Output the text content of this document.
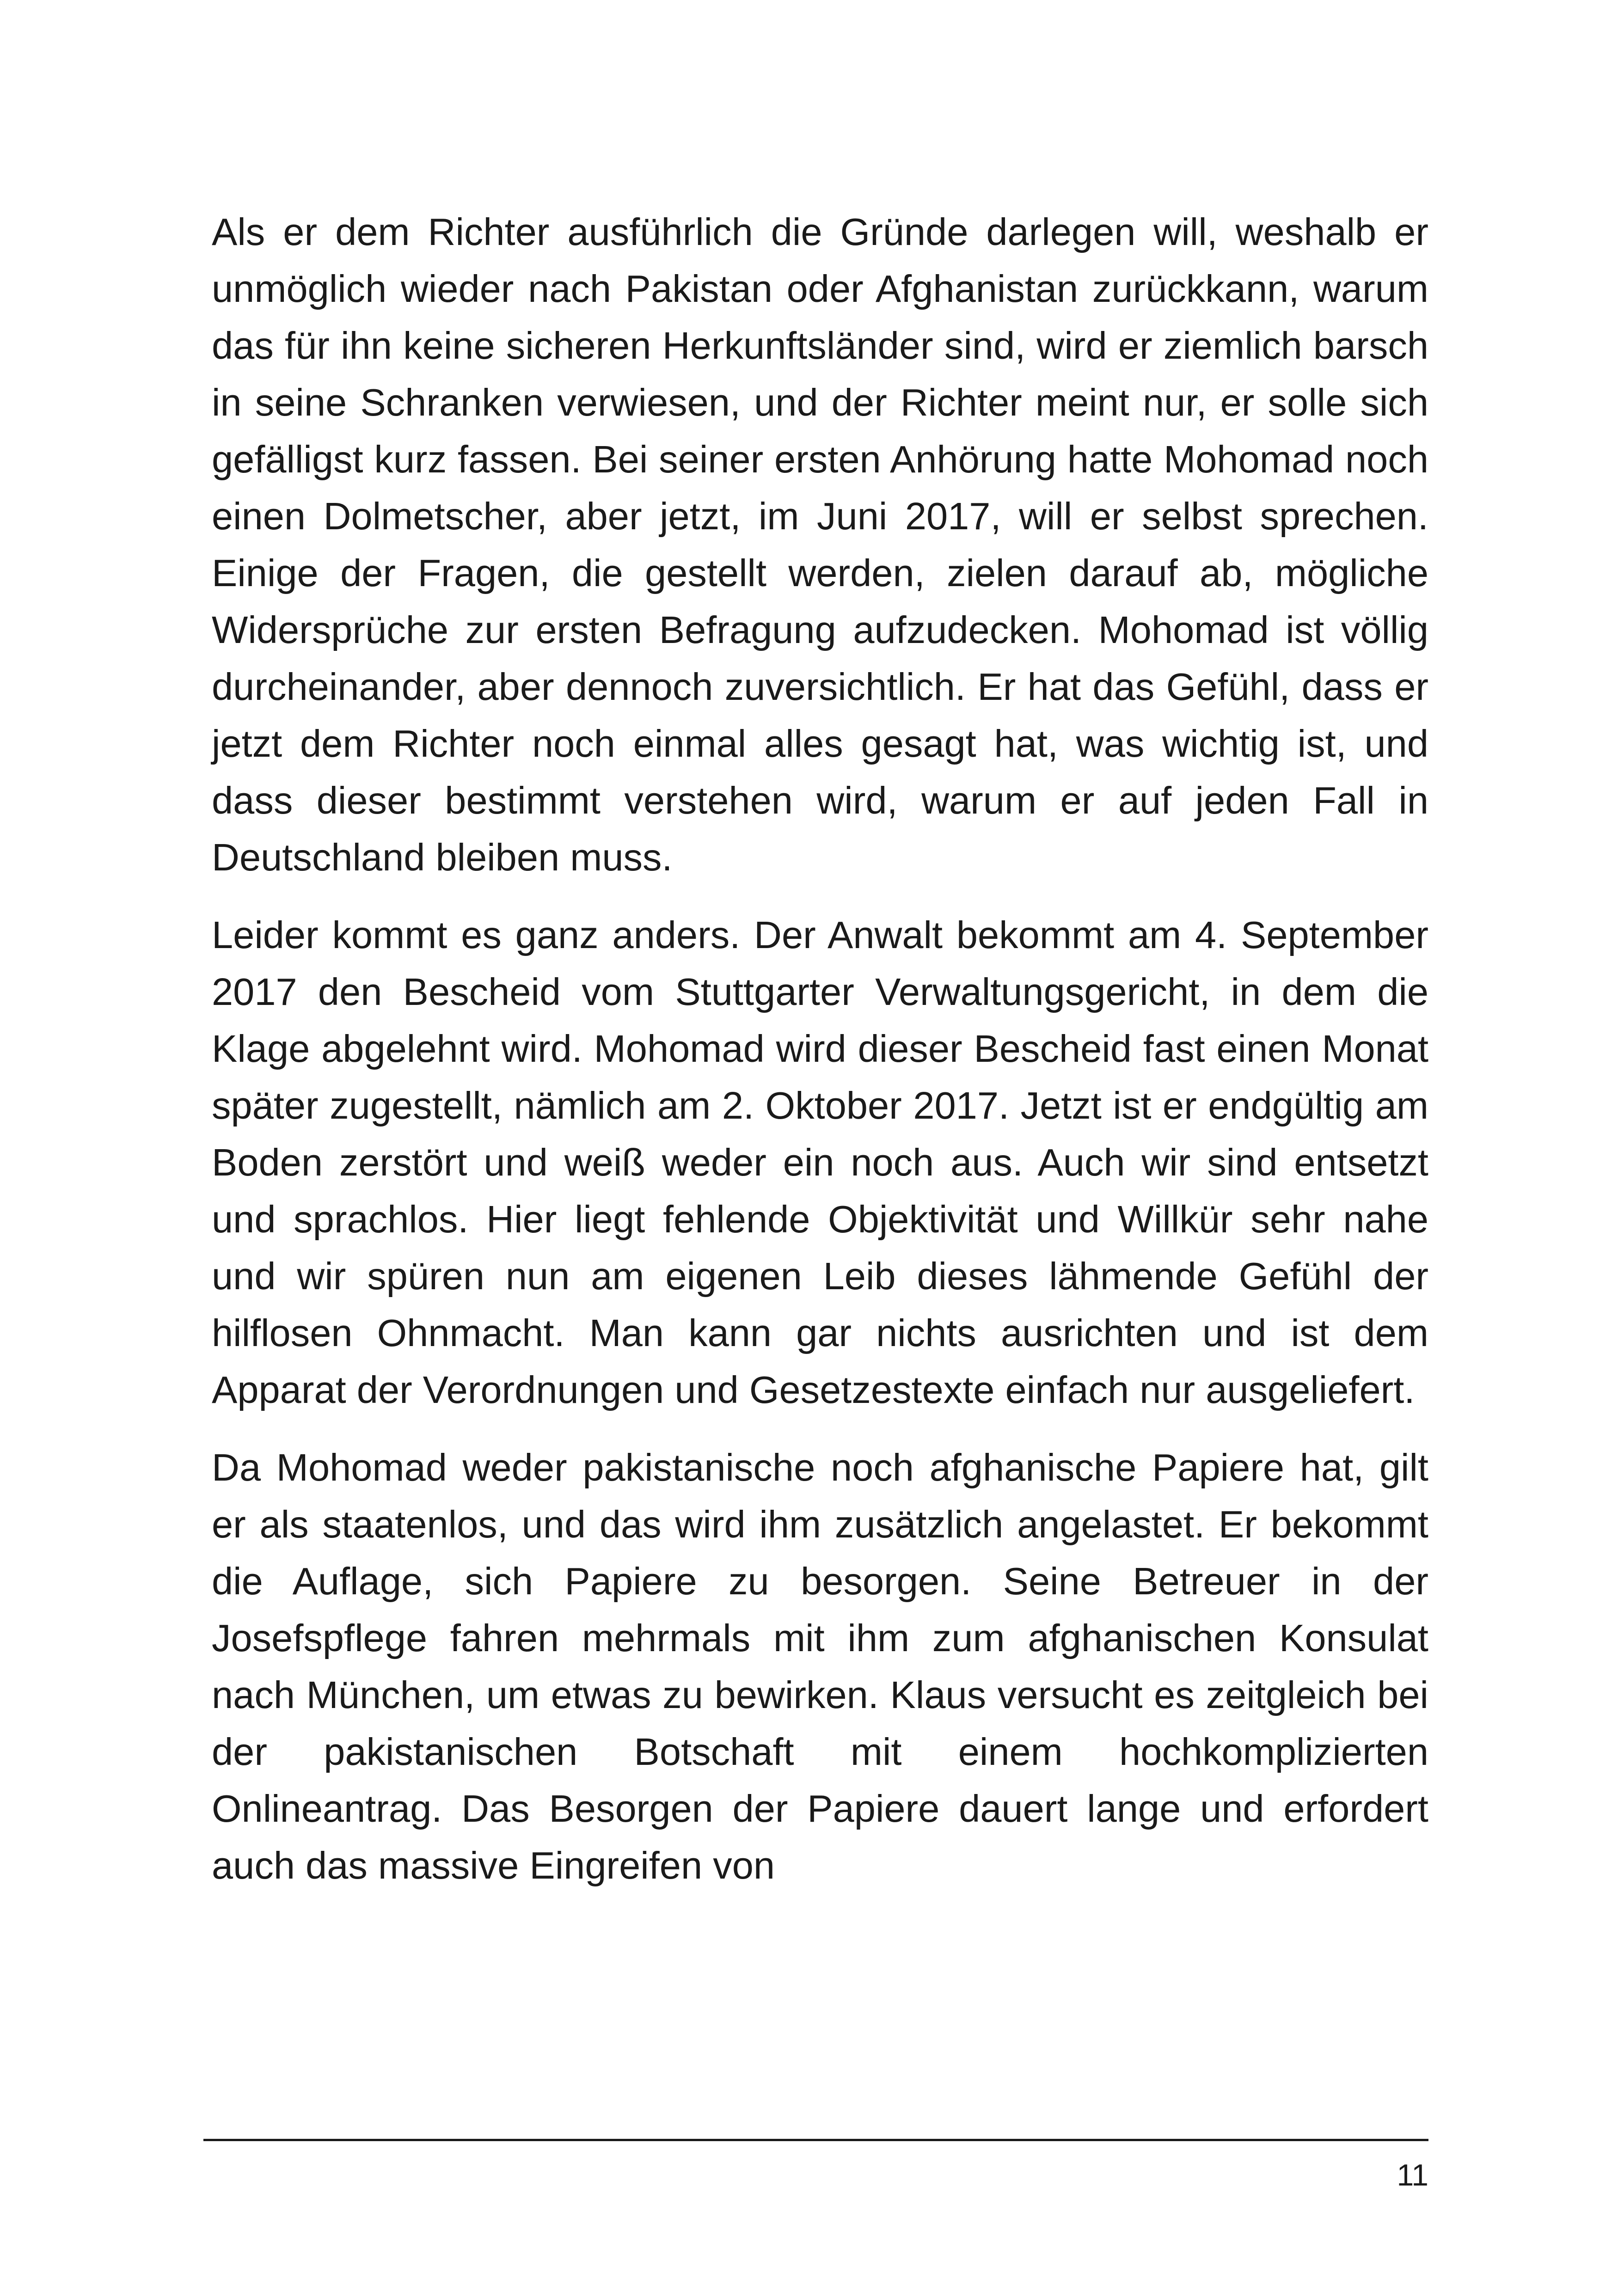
Als er dem Richter ausführlich die Gründe darlegen will, weshalb er unmöglich wieder nach Pakistan oder Afghanistan zurückkann, warum das für ihn keine sicheren Herkunftsländer sind, wird er ziemlich barsch in seine Schranken verwiesen, und der Richter meint nur, er solle sich gefälligst kurz fassen. Bei seiner ersten Anhörung hatte Mohomad noch einen Dolmetscher, aber jetzt, im Juni 2017, will er selbst sprechen. Einige der Fragen, die gestellt werden, zielen darauf ab, mögliche Widersprüche zur ersten Befragung aufzudecken. Mohomad ist völlig durcheinander, aber dennoch zuversichtlich. Er hat das Gefühl, dass er jetzt dem Richter noch einmal alles gesagt hat, was wichtig ist, und dass dieser bestimmt verstehen wird, warum er auf jeden Fall in Deutschland bleiben muss.

Leider kommt es ganz anders. Der Anwalt bekommt am 4. September 2017 den Bescheid vom Stuttgarter Verwaltungsgericht, in dem die Klage abgelehnt wird. Mohomad wird dieser Bescheid fast einen Monat später zugestellt, nämlich am 2. Oktober 2017. Jetzt ist er endgültig am Boden zerstört und weiß weder ein noch aus. Auch wir sind entsetzt und sprachlos. Hier liegt fehlende Objektivität und Willkür sehr nahe und wir spüren nun am eigenen Leib dieses lähmende Gefühl der hilflosen Ohnmacht. Man kann gar nichts ausrichten und ist dem Apparat der Verordnungen und Gesetzestexte einfach nur ausgeliefert.

Da Mohomad weder pakistanische noch afghanische Papiere hat, gilt er als staatenlos, und das wird ihm zusätzlich angelastet. Er bekommt die Auflage, sich Papiere zu besorgen. Seine Betreuer in der Josefspflege fahren mehrmals mit ihm zum afghanischen Konsulat nach München, um etwas zu bewirken. Klaus versucht es zeitgleich bei der pakistanischen Botschaft mit einem hochkomplizierten Onlineantrag. Das Besorgen der Papiere dauert lange und erfordert auch das massive Eingreifen von

11
